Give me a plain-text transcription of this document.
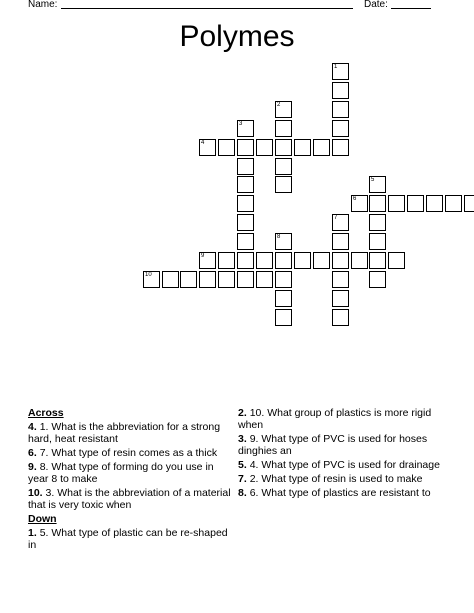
Name:	Date:
Polymes
1
2
3
4
5
6
7
8
9
10
Across
4. 1. What is the abbreviation for a strong hard, heat resistant
6. 7. What type of resin comes as a thick
9. 8. What type of forming do you use in year 8 to make
10. 3. What is the abbreviation of a material that is very toxic when
Down
1. 5. What type of plastic can be re-shaped in
2. 10. What group of plastics is more rigid when
3. 9. What type of PVC is used for hoses dinghies an
5. 4. What type of PVC is used for drainage
7. 2. What type of resin is used to make
8. 6. What type of plastics are resistant to
